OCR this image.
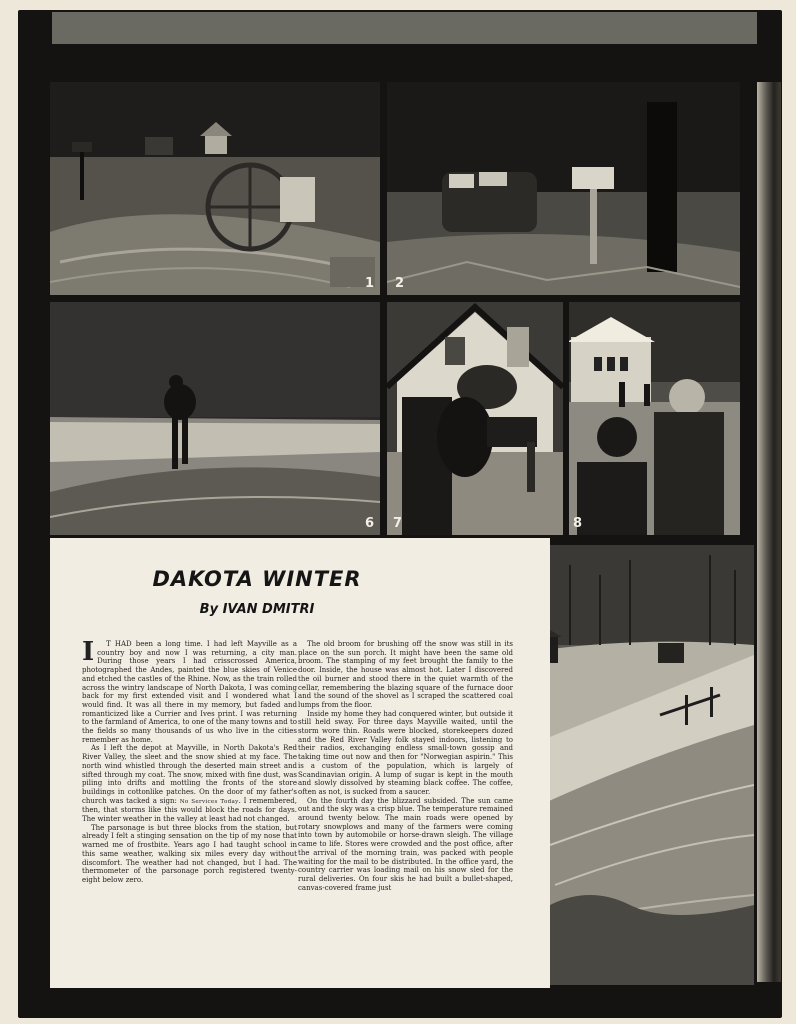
1 2
6 7	8
DAKOTA WINTER
By IVAN DMITRI

I T HAD been a long time. I had left Mayville as a country boy and now I was returning, a city man. During those years I had crisscrossed America, photographed the Andes, painted the blue skies of Venice and etched the castles of the Rhine. Now, as the train rolled across the wintry landscape of North Dakota, I was coming back for my first extended visit and I wondered what I would find. It was all there in my memory, but faded and romanticized like a Currier and Ives print. I was returning to the farmland of America, to one of the many towns and to the fields so many thousands of us who live in the cities remember as home.

As I left the depot at Mayville, in North Dakota's Red River Valley, the sleet and the snow shied at my face. The north wind whistled through the deserted main street and sifted through my coat. The snow, mixed with fine dust, was piling into drifts and mottling the fronts of the store buildings in cottonlike patches. On the door of my father's church was tacked a sign: No Services Today. I remembered, then, that storms like this would block the roads for days. The winter weather in the valley at least had not changed.

The parsonage is but three blocks from the station, but already I felt a stinging sensation on the tip of my nose that warned me of frostbite. Years ago I had taught school in this same weather, walking six miles every day without discomfort. The weather had not changed, but I had. The thermometer of the parsonage porch registered twenty-eight below zero.

The old broom for brushing off the snow was still in its place on the sun porch. It might have been the same old broom. The stamping of my feet brought the family to the door. Inside, the house was almost hot. Later I discovered the oil burner and stood there in the quiet warmth of the cellar, remembering the blazing square of the furnace door and the sound of the shovel as I scraped the scattered coal lumps from the floor.

Inside my home they had conquered winter, but outside it still held sway. For three days Mayville waited, until the storm wore thin. Roads were blocked, storekeepers dozed and the Red River Valley folk stayed indoors, listening to their radios, exchanging endless small-town gossip and taking time out now and then for "Norwegian aspirin." This is a custom of the population, which is largely of Scandinavian origin. A lump of sugar is kept in the mouth and slowly dissolved by steaming black coffee. The coffee, often as not, is sucked from a saucer.

On the fourth day the blizzard subsided. The sun came out and the sky was a crisp blue. The temperature remained around twenty below. The main roads were opened by rotary snowplows and many of the farmers were coming into town by automobile or horse-drawn sleigh. The village came to life. Stores were crowded and the post office, after the arrival of the morning train, was packed with people waiting for the mail to be distributed. In the office yard, the country carrier was loading mail on his snow sled for the rural deliveries. On four skis he had built a bullet-shaped, canvas-covered frame just
